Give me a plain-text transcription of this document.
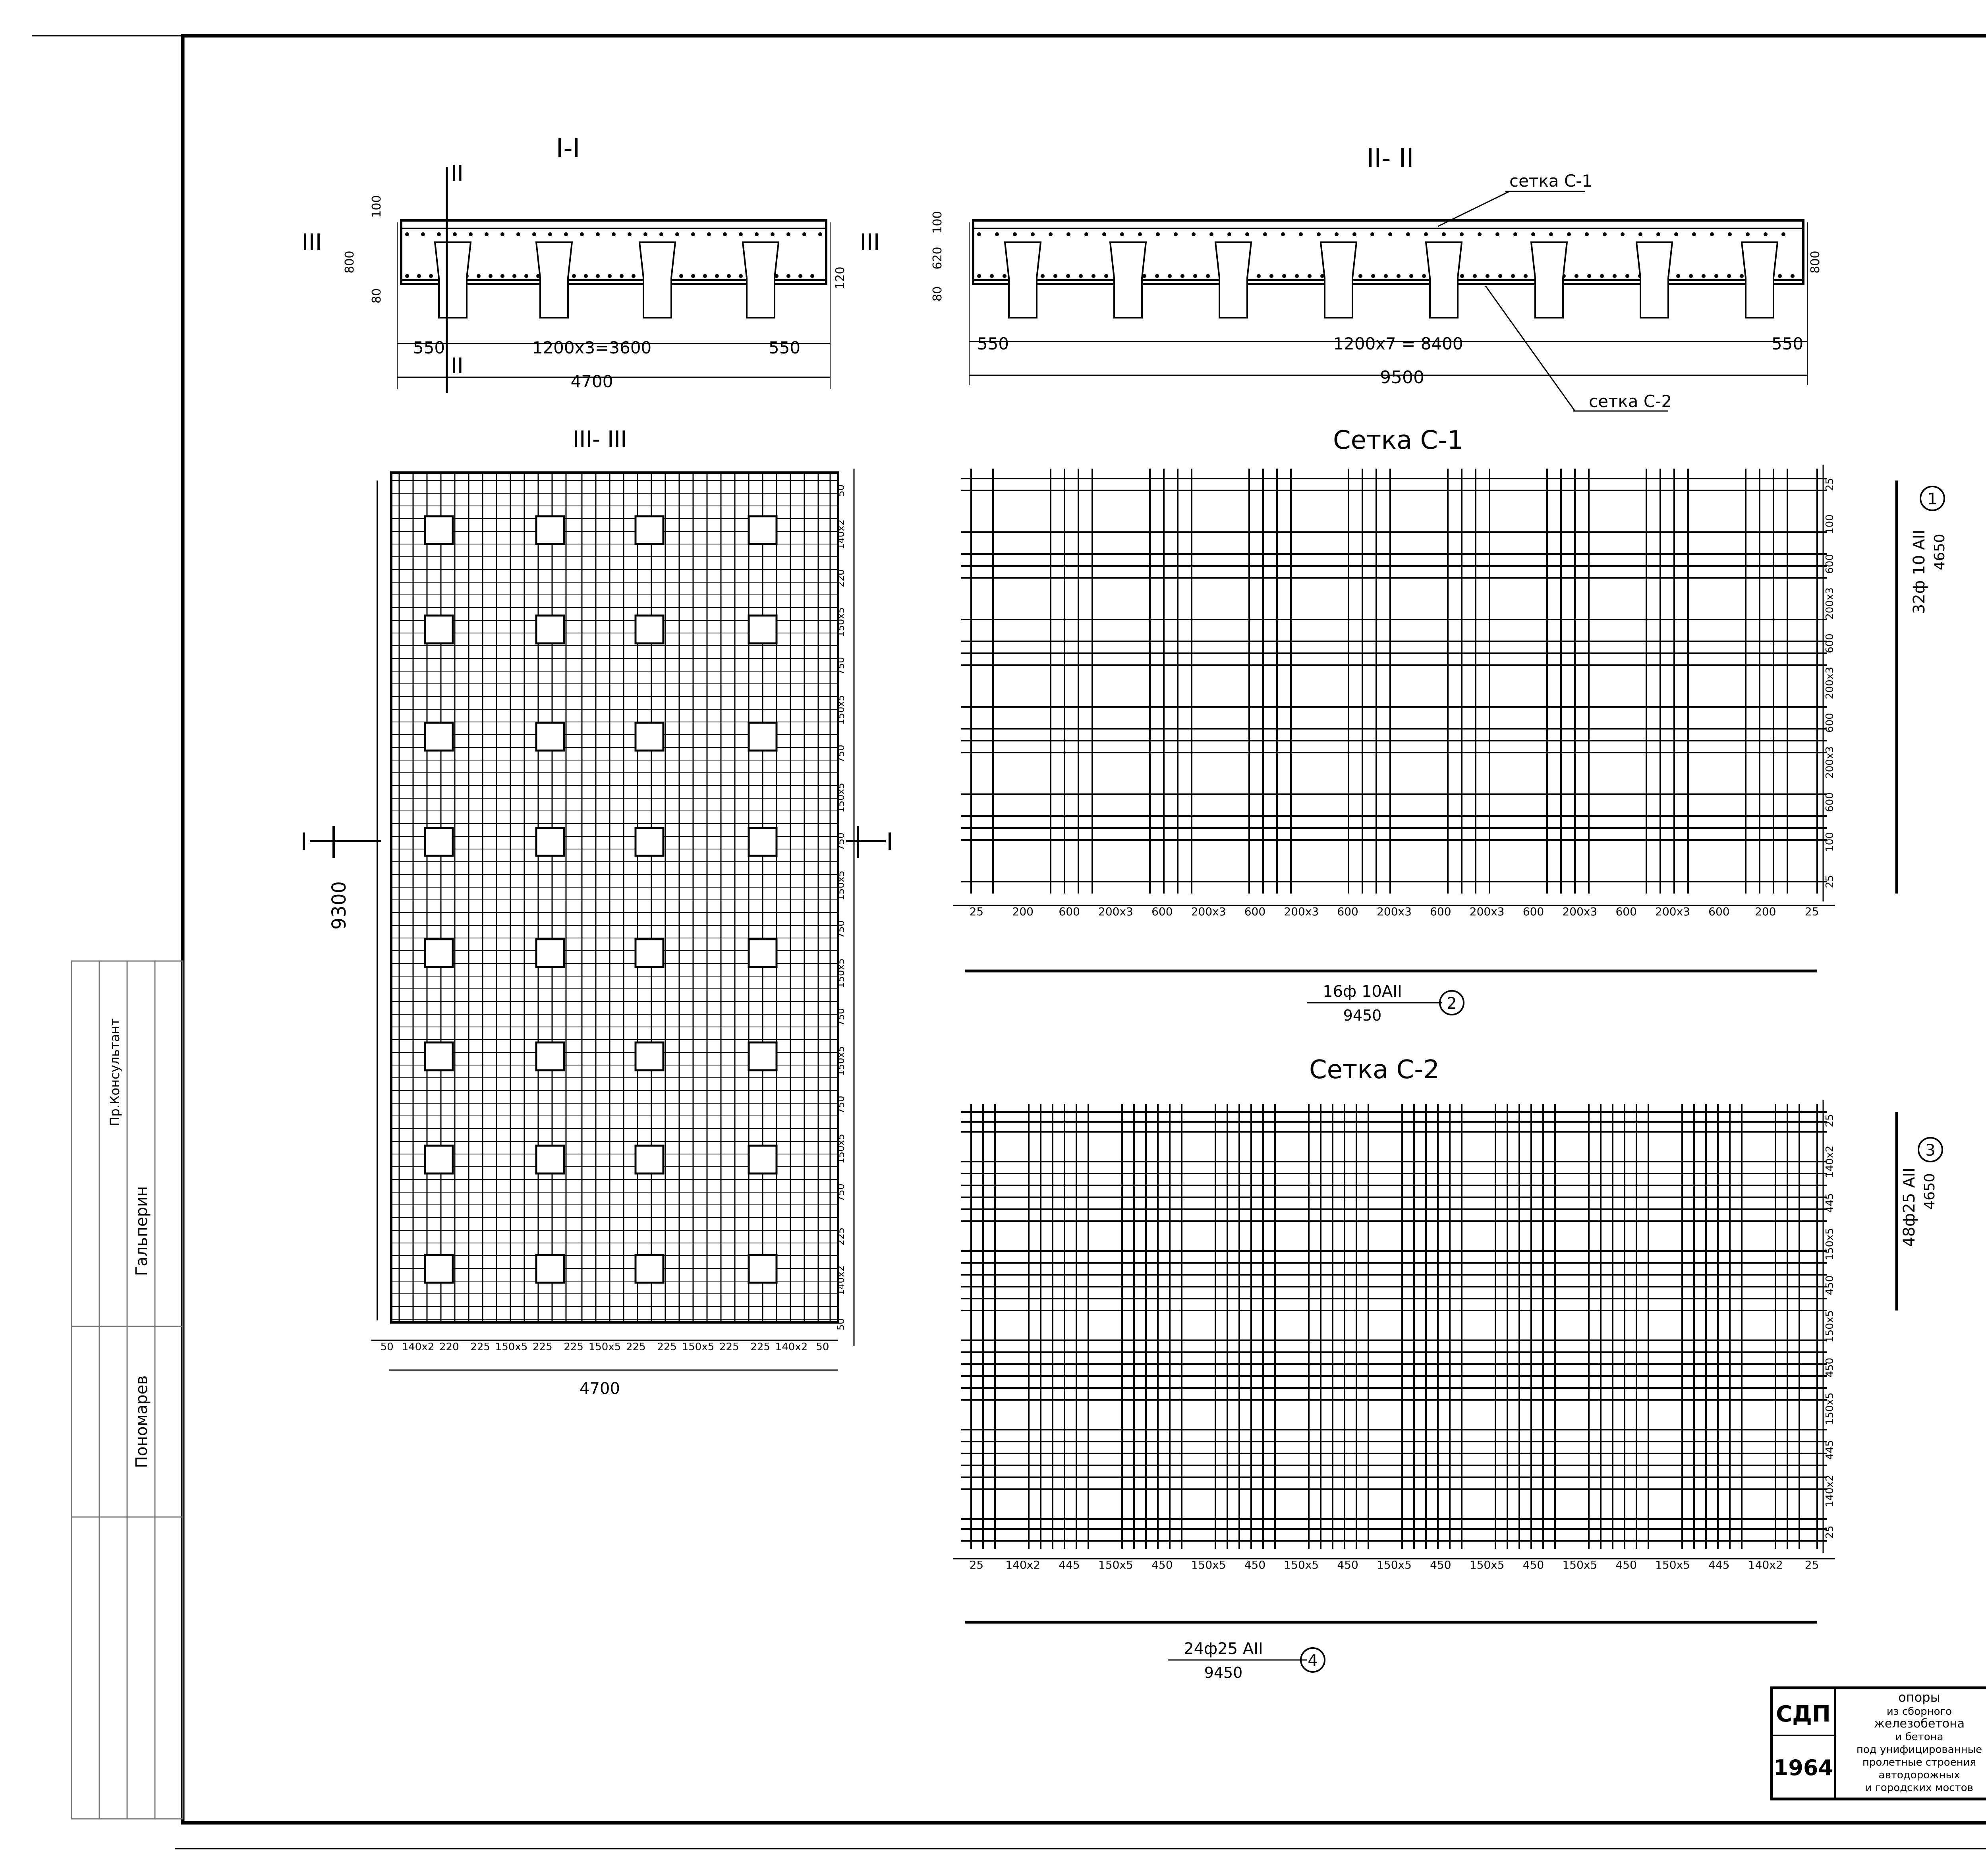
I-I
III	III
II
II
550	1200x3=3600	550
4700
100
800
80
120
II- II
сетка С-1
сетка С-2
550	1200x7 = 8400	550
9500
100
620
80
800
III- III
I	I
9300
4700
50 140x2 220 225 150x5 225 225 150x5 225 225 150x5 225 225 140x2 50
50
140x2
220
150x5
750
150x5
750
150x5
750
150x5
750
150x5
750
150x5
750
150x5
750
225
140x2
50
Сетка С-1
25	200 600 200x3 600 200x3 600 200x3 600 200x3 600 200x3 600 200x3 600 200x3 600 200	25
25
100
600
200x3
600
200x3
600
200x3
600
100
25
32ф 10 АII 4650
1
16ф 10АII
9450
2
Сетка С-2
25 140x2 445 150x5 450 150x5 450 150x5 450 150x5 450 150x5 450 150x5 450 150x5 445 140x2 25
25
140x2
445
150x5
450
150x5
450
150x5
445
140x2
25
48ф25 АII 4650
3
24ф25 АII
9450
4
СДП
1964
опоры
из сборного
железобетона
и бетона
под унифицированные
пролетные строения
автодорожных
и городских мостов
Пономарев
Гальперин
Пр.Консультант
